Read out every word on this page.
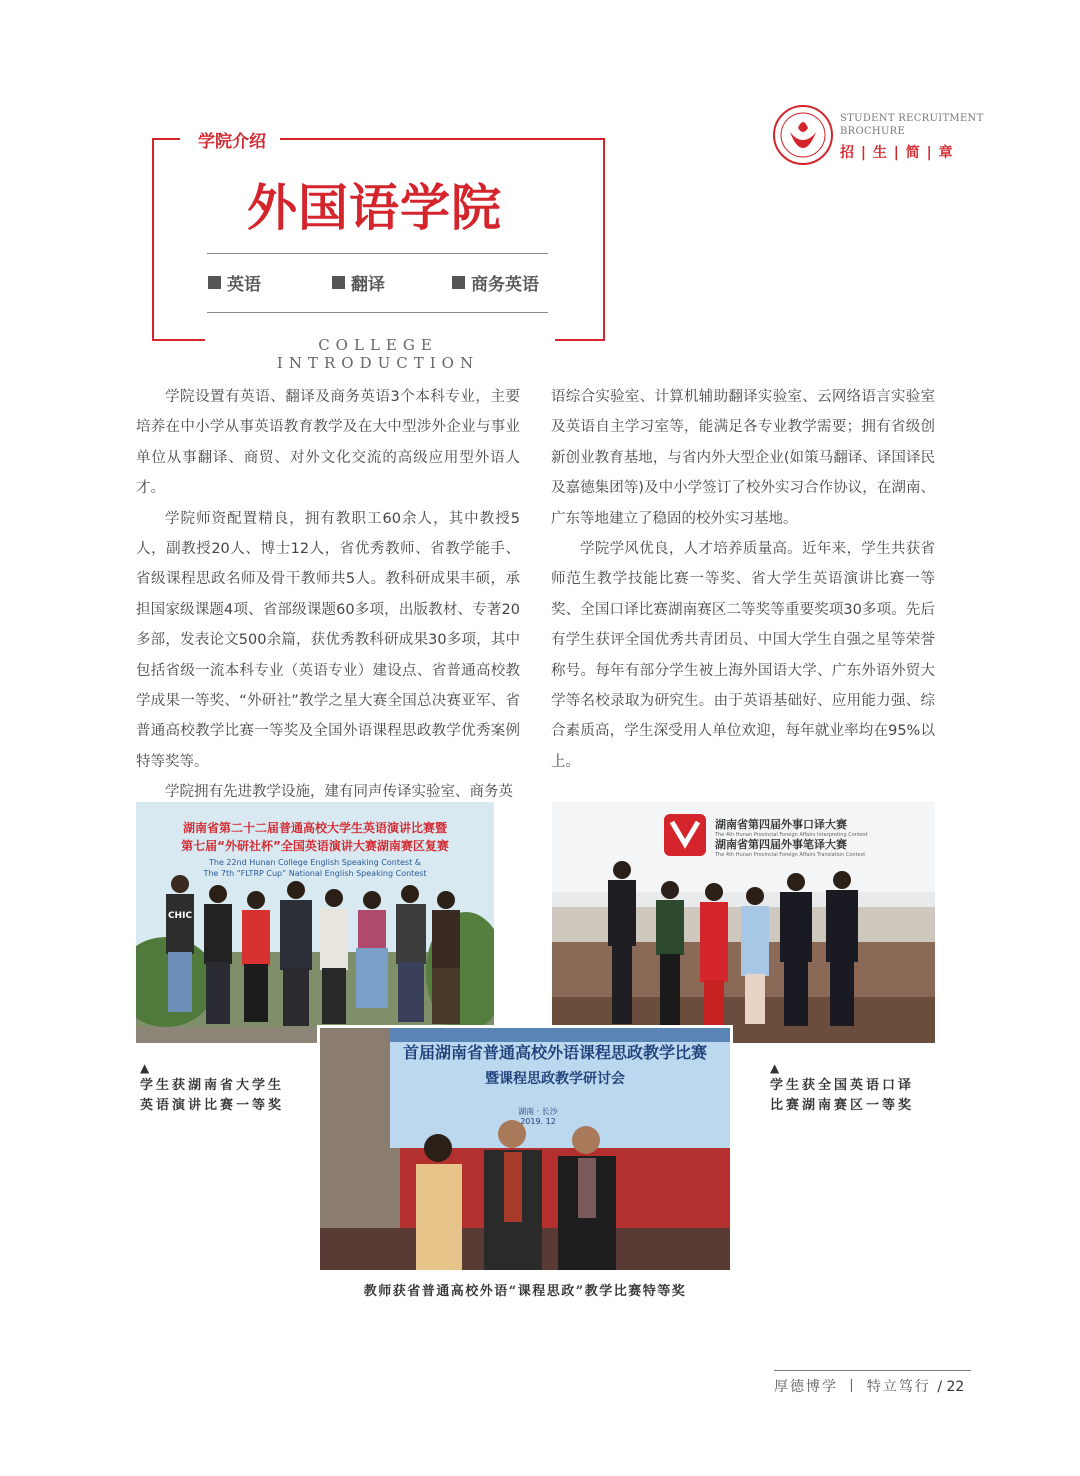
STUDENT RECRUITMENT
BROCHURE
招 | 生 | 简 | 章
学院介绍
外国语学院
英语	翻译	商务英语
COLLEGE INTRODUCTION

学院设置有英语、翻译及商务英语3个本科专业，主要培养在中小学从事英语教育教学及在大中型涉外企业与事业单位从事翻译、商贸、对外文化交流的高级应用型外语人才。

学院师资配置精良，拥有教职工60余人，其中教授5人，副教授20人、博士12人，省优秀教师、省教学能手、省级课程思政名师及骨干教师共5人。教科研成果丰硕，承担国家级课题4项、省部级课题60多项，出版教材、专著20多部，发表论文500余篇，获优秀教科研成果30多项，其中包括省级一流本科专业（英语专业）建设点、省普通高校教学成果一等奖、“外研社”教学之星大赛全国总决赛亚军、省普通高校教学比赛一等奖及全国外语课程思政教学优秀案例特等奖等。

学院拥有先进教学设施，建有同声传译实验室、商务英

语综合实验室、计算机辅助翻译实验室、云网络语言实验室及英语自主学习室等，能满足各专业教学需要；拥有省级创新创业教育基地，与省内外大型企业(如策马翻译、译国译民及嘉德集团等)及中小学签订了校外实习合作协议，在湖南、广东等地建立了稳固的校外实习基地。

学院学风优良，人才培养质量高。近年来，学生共获省师范生教学技能比赛一等奖、省大学生英语演讲比赛一等奖、全国口译比赛湖南赛区二等奖等重要奖项30多项。先后有学生获评全国优秀共青团员、中国大学生自强之星等荣誉称号。每年有部分学生被上海外国语大学、广东外语外贸大学等名校录取为研究生。由于英语基础好、应用能力强、综合素质高，学生深受用人单位欢迎，每年就业率均在95%以上。

湖南省第二十二届普通高校大学生英语演讲比赛暨
第七届“外研社杯”全国英语演讲大赛湖南赛区复赛
The 22nd Hunan College English Speaking Contest &
The 7th “FLTRP Cup” National English Speaking Contest
CHIC
湖南省第四届外事口译大赛
The 4th Hunan Provincial Foreign Affairs Interpreting Contest
湖南省第四届外事笔译大赛
The 4th Hunan Provincial Foreign Affairs Translation Contest
首届湖南省普通高校外语课程思政教学比赛
暨课程思政教学研讨会
湖南 · 长沙
2019. 12
▲
学生获湖南省大学生英语演讲比赛一等奖
▲
学生获全国英语口译比赛湖南赛区一等奖
教师获省普通高校外语“课程思政”教学比赛特等奖
厚德博学 丨 特立笃行 / 22
